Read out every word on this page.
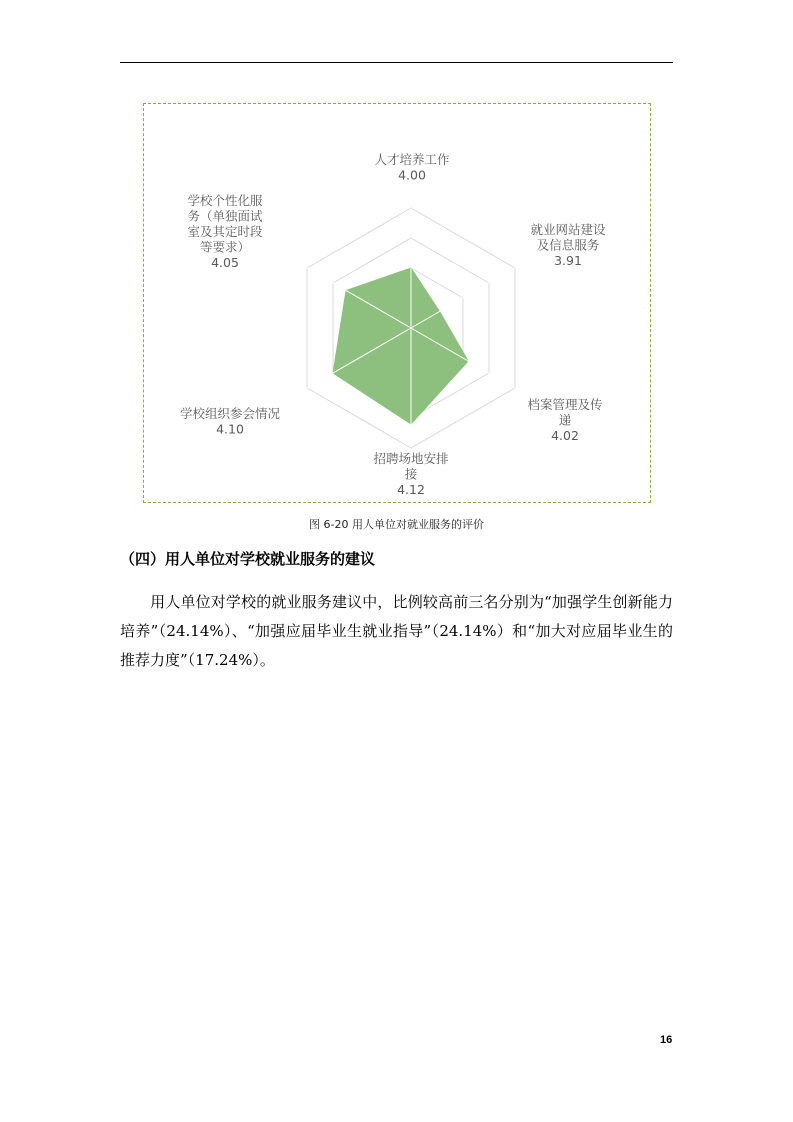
人才培养工作
4.00
就业网站建设及信息服务
3.91
档案管理及传递
4.02
招聘场地安排接
4.12
学校组织参会情况
4.10
学校个性化服务（单独面试室及其定时段等要求）
4.05
图 6-20 用人单位对就业服务的评价
（四）用人单位对学校就业服务的建议
用人单位对学校的就业服务建议中，比例较高前三名分别为“加强学生创新能力培养”（24.14%）、“加强应届毕业生就业指导”（24.14%）和“加大对应届毕业生的推荐力度”（17.24%）。
16
